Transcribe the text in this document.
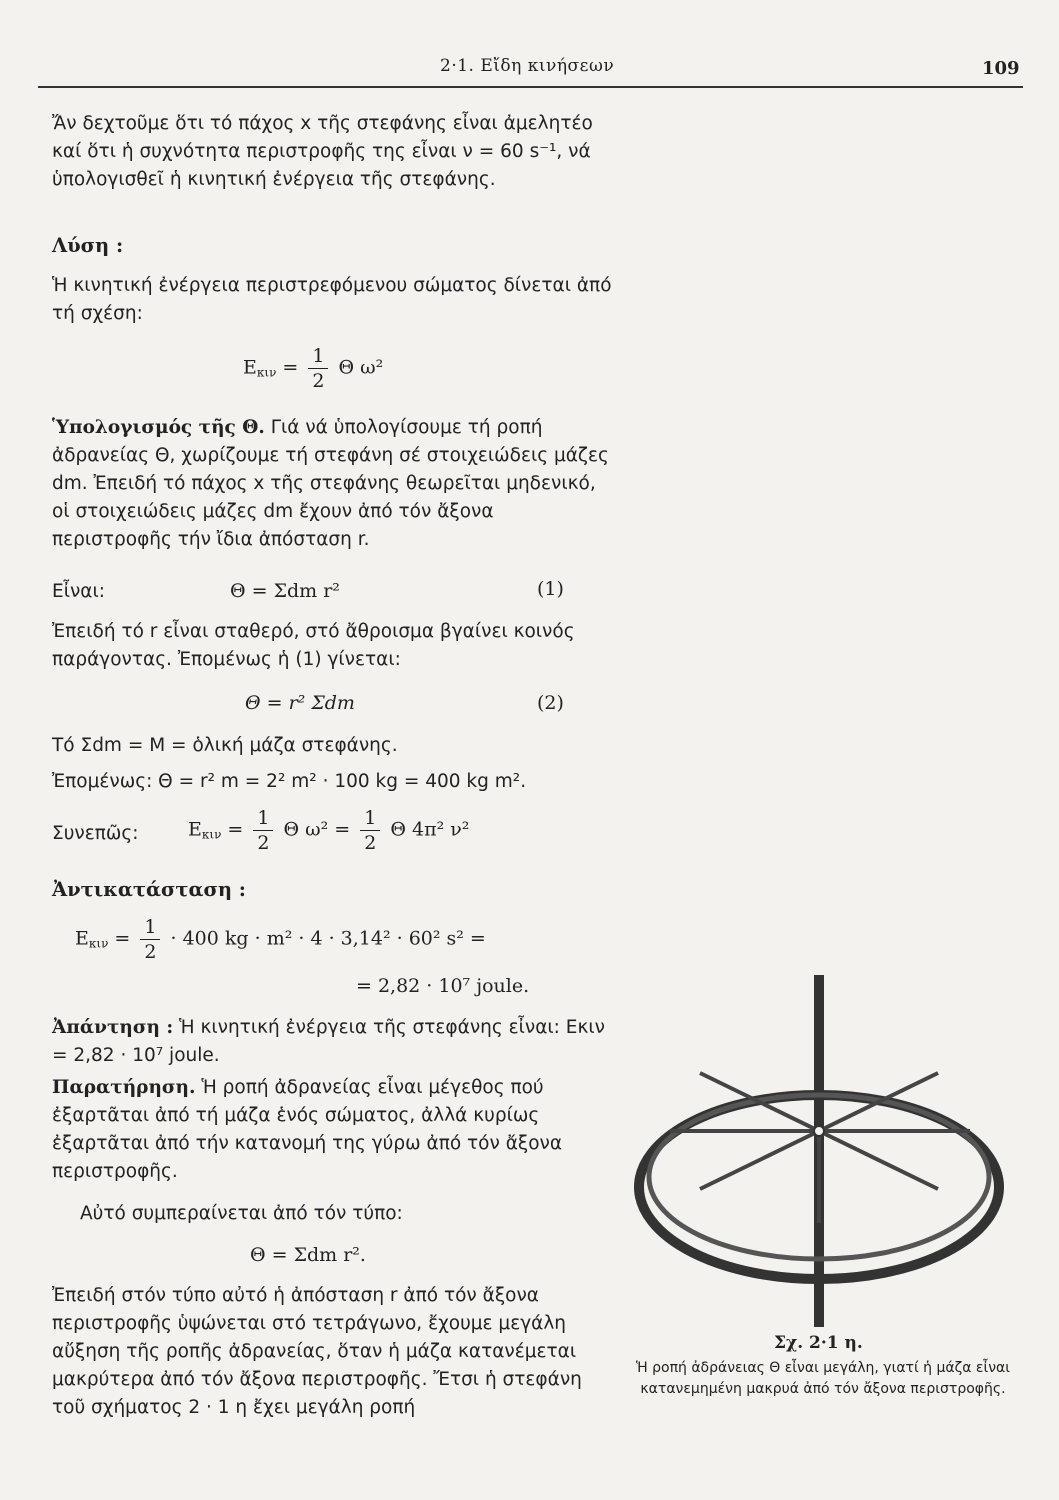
2·1. Εἴδη κινήσεων	109
Ἄν δεχτοῦμε ὅτι τό πάχος x τῆς στεφάνης εἶναι ἀμελητέο καί ὅτι ἡ συχνότητα περιστροφῆς της εἶναι ν = 60 s⁻¹, νά ὑπολογισθεῖ ἡ κινητική ἐνέργεια τῆς στεφάνης.
Λύση :
Ἡ κινητική ἐνέργεια περιστρεφόμενου σώματος δίνεται ἀπό τή σχέση:
$E_{\kappa\iota\nu} = \frac{1}{2}$ Θ ω²
Ὑπολογισμός τῆς Θ. Γιά νά ὑπολογίσουμε τή ροπή ἀδρανείας Θ, χωρίζουμε τή στεφάνη σέ στοιχειώδεις μάζες dm. Ἐπειδή τό πάχος x τῆς στεφάνης θεωρεῖται μηδενικό, οἱ στοιχειώδεις μάζες dm ἔχουν ἀπό τόν ἄξονα περιστροφῆς τήν ἴδια ἀπόσταση r.
Εἶναι:	Θ = Σdm r²	(1)
Ἐπειδή τό r εἶναι σταθερό, στό ἄθροισμα βγαίνει κοινός παράγοντας. Ἐπομένως ἡ (1) γίνεται:
Θ = r² Σdm	(2)
Τό Σdm = M = ὁλική μάζα στεφάνης.
Ἐπομένως: Θ = r² m = 2² m² · 100 kg = 400 kg m².
Συνεπῶς:	$E_{\kappa\iota\nu} = \frac{1}{2}$ Θ $\omega^2 = \frac{1}{2}$ Θ 4π² ν²
Ἀντικατάσταση :
$E_{\kappa\iota\nu} = \frac{1}{2} \cdot 400$ kg · m² · 4 · 3,14² · 60² s² =
= 2,82 · 10⁷ joule.
Ἀπάντηση : Ἡ κινητική ἐνέργεια τῆς στεφάνης εἶναι: Eκιν = 2,82 · 10⁷ joule.
Παρατήρηση. Ἡ ροπή ἀδρανείας εἶναι μέγεθος πού ἐξαρτᾶται ἀπό τή μάζα ἑνός σώματος, ἀλλά κυρίως ἐξαρτᾶται ἀπό τήν κατανομή της γύρω ἀπό τόν ἄξονα περιστροφῆς.
Αὐτό συμπεραίνεται ἀπό τόν τύπο:
Θ = Σdm r².
Ἐπειδή στόν τύπο αὐτό ἡ ἀπόσταση r ἀπό τόν ἄξονα περιστροφῆς ὑψώνεται στό τετράγωνο, ἔχουμε μεγάλη αὔξηση τῆς ροπῆς ἀδρανείας, ὅταν ἡ μάζα κατανέμεται μακρύτερα ἀπό τόν ἄξονα περιστροφῆς. Ἔτσι ἡ στεφάνη τοῦ σχήματος 2 · 1 η ἔχει μεγάλη ροπή
Σχ. 2·1 η.
Ἡ ροπή ἀδράνειας Θ εἶναι μεγάλη, γιατί ἡ μάζα εἶναι κατανεμημένη μακρυά ἀπό τόν ἄξονα περιστροφῆς.
